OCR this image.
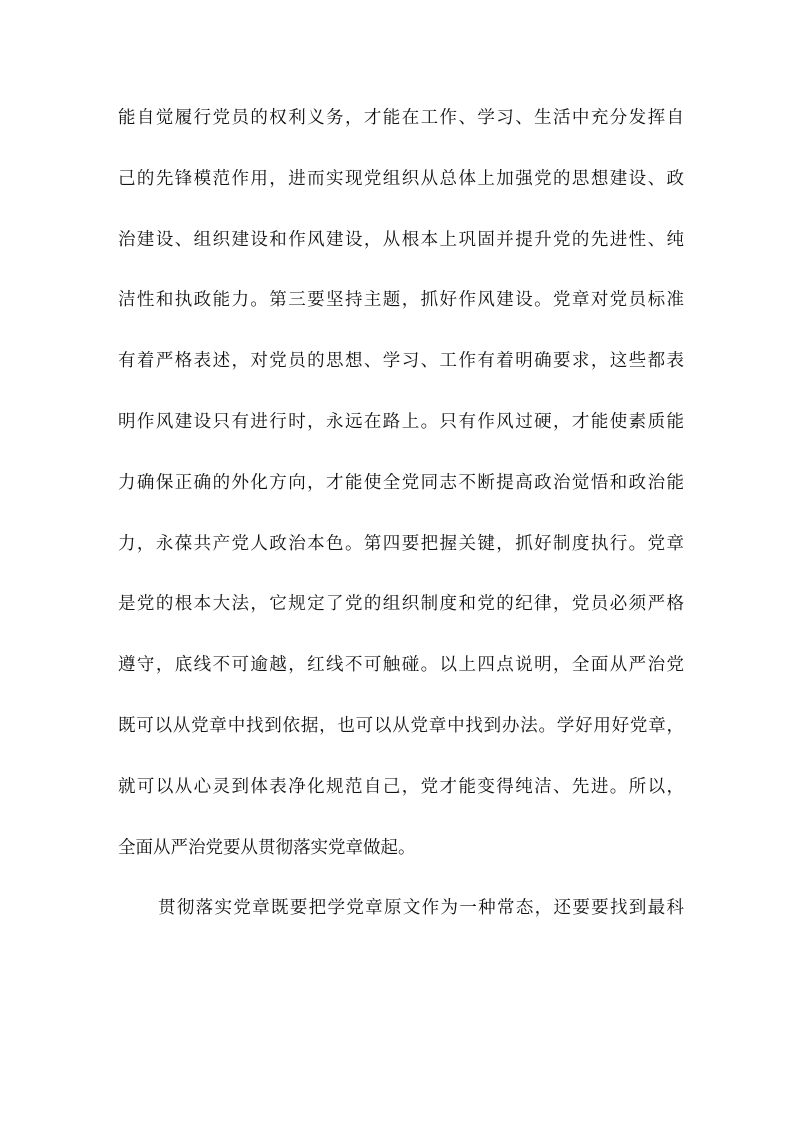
能自觉履行党员的权利义务，才能在工作、学习、生活中充分发挥自
己的先锋模范作用，进而实现党组织从总体上加强党的思想建设、政
治建设、组织建设和作风建设，从根本上巩固并提升党的先进性、纯
洁性和执政能力。第三要坚持主题，抓好作风建设。党章对党员标准
有着严格表述，对党员的思想、学习、工作有着明确要求，这些都表
明作风建设只有进行时，永远在路上。只有作风过硬，才能使素质能
力确保正确的外化方向，才能使全党同志不断提高政治觉悟和政治能
力，永葆共产党人政治本色。第四要把握关键，抓好制度执行。党章
是党的根本大法，它规定了党的组织制度和党的纪律，党员必须严格
遵守，底线不可逾越，红线不可触碰。以上四点说明，全面从严治党
既可以从党章中找到依据，也可以从党章中找到办法。学好用好党章，
就可以从心灵到体表净化规范自己，党才能变得纯洁、先进。所以，
全面从严治党要从贯彻落实党章做起。
贯彻落实党章既要把学党章原文作为一种常态，还要要找到最科
